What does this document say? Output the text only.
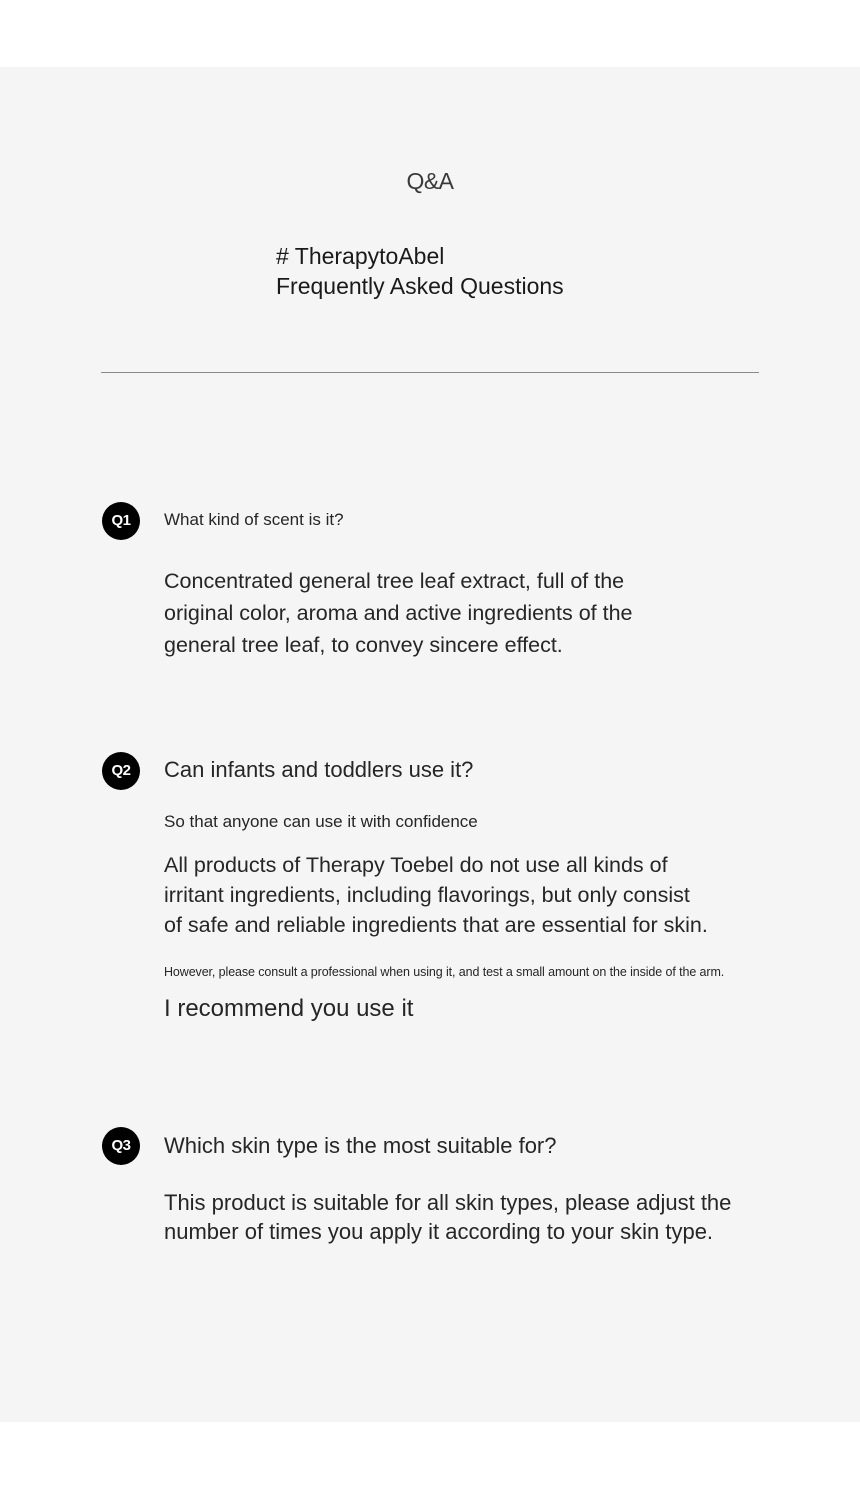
Q&A
# TherapytoAbel
Frequently Asked Questions
Q1	What kind of scent is it?
Concentrated general tree leaf extract, full of the
original color, aroma and active ingredients of the
general tree leaf, to convey sincere effect.
Q2	Can infants and toddlers use it?
So that anyone can use it with confidence
All products of Therapy Toebel do not use all kinds of
irritant ingredients, including flavorings, but only consist
of safe and reliable ingredients that are essential for skin.
However, please consult a professional when using it, and test a small amount on the inside of the arm.
I recommend you use it
Q3	Which skin type is the most suitable for?
This product is suitable for all skin types, please adjust the
number of times you apply it according to your skin type.
